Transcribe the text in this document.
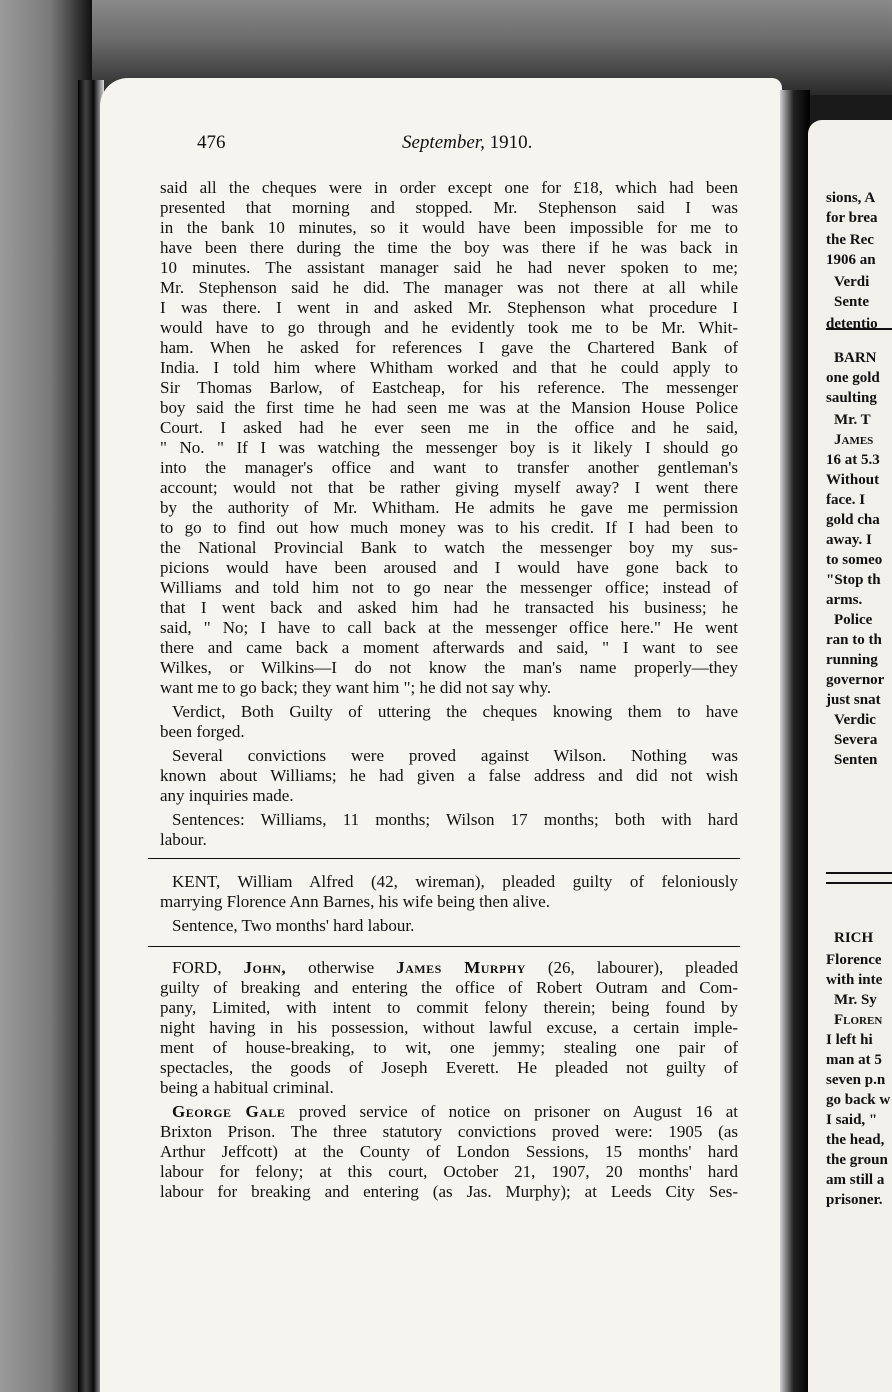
sions, A
for brea
the Rec
1906 an
Verdi
Sente
detentio
BARN
one gold
saulting
Mr. T
James
16 at 5.3
Without
face. I
gold cha
away. I
to someo
"Stop th
arms.
Police
ran to th
running
governor
just snat
Verdic
Severa
Senten
RICH
Florence
with inte
Mr. Sy
Floren
I left hi
man at 5
seven p.n
go back w
I said, "
the head,
the groun
am still a
prisoner.
476	September, 1910.
said all the cheques were in order except one for £18, which had been
presented that morning and stopped. Mr. Stephenson said I was
in the bank 10 minutes, so it would have been impossible for me to
have been there during the time the boy was there if he was back in
10 minutes. The assistant manager said he had never spoken to me;
Mr. Stephenson said he did. The manager was not there at all while
I was there. I went in and asked Mr. Stephenson what procedure I
would have to go through and he evidently took me to be Mr. Whit-
ham. When he asked for references I gave the Chartered Bank of
India. I told him where Whitham worked and that he could apply to
Sir Thomas Barlow, of Eastcheap, for his reference. The messenger
boy said the first time he had seen me was at the Mansion House Police
Court. I asked had he ever seen me in the office and he said,
" No. " If I was watching the messenger boy is it likely I should go
into the manager's office and want to transfer another gentleman's
account; would not that be rather giving myself away? I went there
by the authority of Mr. Whitham. He admits he gave me permission
to go to find out how much money was to his credit. If I had been to
the National Provincial Bank to watch the messenger boy my sus-
picions would have been aroused and I would have gone back to
Williams and told him not to go near the messenger office; instead of
that I went back and asked him had he transacted his business; he
said, " No; I have to call back at the messenger office here." He went
there and came back a moment afterwards and said, " I want to see
Wilkes, or Wilkins—I do not know the man's name properly—they
want me to go back; they want him "; he did not say why.
Verdict, Both Guilty of uttering the cheques knowing them to have
been forged.
Several convictions were proved against Wilson. Nothing was
known about Williams; he had given a false address and did not wish
any inquiries made.
Sentences: Williams, 11 months; Wilson 17 months; both with hard
labour.
KENT, William Alfred (42, wireman), pleaded guilty of feloniously
marrying Florence Ann Barnes, his wife being then alive.
Sentence, Two months' hard labour.
FORD, John, otherwise James Murphy (26, labourer), pleaded
guilty of breaking and entering the office of Robert Outram and Com-
pany, Limited, with intent to commit felony therein; being found by
night having in his possession, without lawful excuse, a certain imple-
ment of house-breaking, to wit, one jemmy; stealing one pair of
spectacles, the goods of Joseph Everett. He pleaded not guilty of
being a habitual criminal.
George Gale proved service of notice on prisoner on August 16 at
Brixton Prison. The three statutory convictions proved were: 1905 (as
Arthur Jeffcott) at the County of London Sessions, 15 months' hard
labour for felony; at this court, October 21, 1907, 20 months' hard
labour for breaking and entering (as Jas. Murphy); at Leeds City Ses-
